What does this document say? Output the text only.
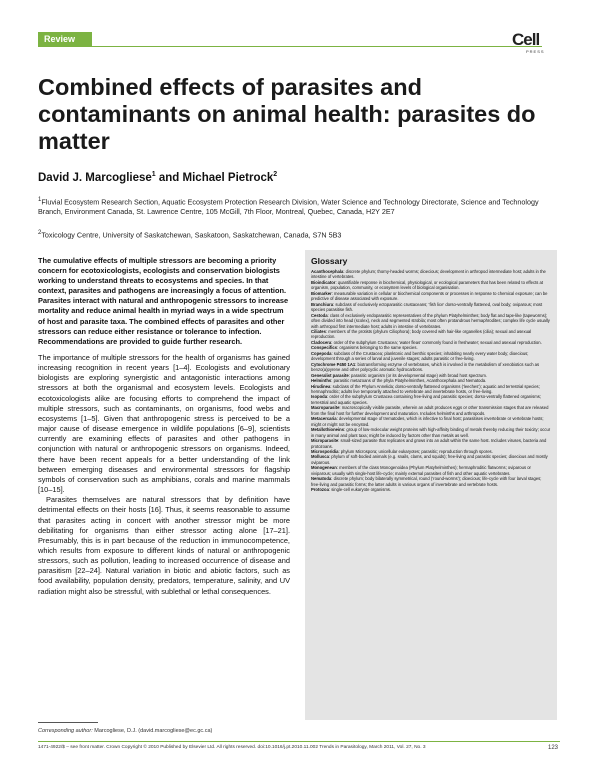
Review	Cell
PRESS
Combined effects of parasites and contaminants on animal health: parasites do matter
David J. Marcogliese$^1$ and Michael Pietrock$^2$
$^1$Fluvial Ecosystem Research Section, Aquatic Ecosystem Protection Research Division, Water Science and Technology Directorate, Science and Technology Branch, Environment Canada, St. Lawrence Centre, 105 McGill, 7th Floor, Montreal, Quebec, Canada, H2Y 2E7
$^2$Toxicology Centre, University of Saskatchewan, Saskatoon, Saskatchewan, Canada, S7N 5B3
The cumulative effects of multiple stressors are becoming a priority concern for ecotoxicologists, ecologists and conservation biologists working to understand threats to ecosystems and species. In that context, parasites and pathogens are increasingly a focus of attention. Parasites interact with natural and anthropogenic stressors to increase mortality and reduce animal health in myriad ways in a wide spectrum of host and parasite taxa. The combined effects of parasites and other stressors can reduce either resistance or tolerance to infection. Recommendations are provided to guide further research.

The importance of multiple stressors for the health of organisms has gained increasing recognition in recent years [1–4]. Ecologists and evolutionary biologists are exploring synergistic and antagonistic interactions among stressors at both the organismal and ecosystem levels. Ecologists and ecotoxicologists alike are focusing efforts to comprehend the impact of multiple stressors, such as contaminants, on organisms, food webs and ecosystems [1–5]. Given that anthropogenic stress is perceived to be a major cause of disease emergence in wildlife populations [6–9], scientists currently are examining effects of parasites and other pathogens in conjunction with natural or anthropogenic stressors on organisms. Indeed, there have been recent appeals for a better understanding of the link between emerging diseases and environmental stressors for flagship symbols of conservation such as amphibians, corals and marine mammals [10–15].

Parasites themselves are natural stressors that by definition have detrimental effects on their hosts [16]. Thus, it seems reasonable to assume that parasites acting in concert with another stressor might be more debilitating for organisms than either stressor acting alone [17–21]. Presumably, this is in part because of the reduction in immunocompetence, which results from exposure to different kinds of natural or anthropogenic stressors, such as pollution, leading to increased occurrence of disease and parasitism [22–24]. Natural variation in biotic and abiotic factors, such as food availability, population density, predators, temperature, salinity, and UV radiation might also be stressful, with sublethal or lethal consequences.

Glossary
Acanthocephala: discrete phylum; thorny-headed worms; dioecious; development in arthropod intermediate host; adults in the intestine of vertebrates.
Bioindicator: quantifiable response in biochemical, physiological, or ecological parameters that has been related to effects at organism, population, community, or ecosystem levels of biological organisation.
Biomarker: measurable variation in cellular or biochemical components or processes in response to chemical exposure; can be predictive of disease associated with exposure.
Branchiura: subclass of exclusively ectoparasitic crustaceans; ‘fish lice’ dorso-ventrally flattened, oval body; oviparous; most species parasitise fish.
Cestoda: class of exclusively endoparasitic representatives of the phylum Platyhelminthes; body flat and tape-like (tapeworms); often divided into head (scolex), neck and segmented strobila; most often protandrous hermaphrodites; complex life cycle usually with arthropod first intermediate host; adults in intestine of vertebrates.
Ciliates: members of the protists (phylum Ciliophora); body covered with hair-like organelles (cilia); sexual and asexual reproduction.
Cladocera: order of the subphylum Crustacea; ‘water fleas’ commonly found in freshwater; sexual and asexual reproduction.
Conspecifics: organisms belonging to the same species.
Copepoda: subclass of the Crustacea; planktonic and benthic species; inhabiting nearly every water body; dioecious; development through a series of larval and juvenile stages; adults parasitic or free-living.
Cytochrome P450 1A1: biotransforming enzyme of vertebrates, which is involved in the metabolism of xenobiotics such as benzo(a)pyrene and other polycyclic aromatic hydrocarbons.
Generalist parasite: parasitic organism (or its developmental stage) with broad host spectrum.
Helminths: parasitic metazoans of the phyla Platyhelminthes, Acanthocephala and Nematoda.
Hirudinea: subclass of the Phylum Annelida; dorso-ventrally flattened organisms (‘leeches’); aquatic and terrestrial species; hermaphroditic; adults live temporarily attached to vertebrate and invertebrate hosts, or free-living.
Isopoda: order of the subphylum Crustacea containing free-living and parasitic species; dorso-ventrally flattened organisms; terrestrial and aquatic species.
Macroparasite: macroscopically visible parasite, wherein an adult produces eggs or other transmission stages that are released from the final host for further development and maturation. Includes helminths and arthropods.
Metacercaria: developmental stage of trematodes, which is infective to final host; parasitises invertebrate or vertebrate hosts; might or might not be encysted.
Metallothioneins: group of low-molecular weight proteins with high-affinity binding of metals thereby reducing their toxicity; occur in many animal and plant taxa; might be induced by factors other than metals as well.
Microparasite: small-sized parasite that replicates and grows into an adult within the same host. Includes viruses, bacteria and protozoans.
Microsporidia: phylum Microspora; unicellular eukaryotes; parasitic; reproduction through spores.
Mollusca: phylum of soft-bodied animals (e.g. snails, clams, and squids); free-living and parasitic species; dioecious and mostly oviparous.
Monogenean: members of the class Monogenoidea (Phylum Platyhelminthes); hermaphroditic flatworms; oviparous or viviparous; usually with single-host life-cycle; mainly external parasites of fish and other aquatic vertebrates.
Nematoda: discrete phylum; body bilaterally symmetrical, round (‘round-worms’); dioecious; life-cycle with four larval stages; free-living and parasitic forms; the latter adults in various organs of invertebrate and vertebrate hosts.
Protozoa: single-cell eukaryote organisms.
Corresponding author: Marcogliese, D.J. (david.marcogliese@ec.gc.ca)
1471-4922/$ – see front matter. Crown Copyright © 2010 Published by Elsevier Ltd. All rights reserved. doi:10.1016/j.pt.2010.11.002 Trends in Parasitology, March 2011, Vol. 27, No. 3	123
